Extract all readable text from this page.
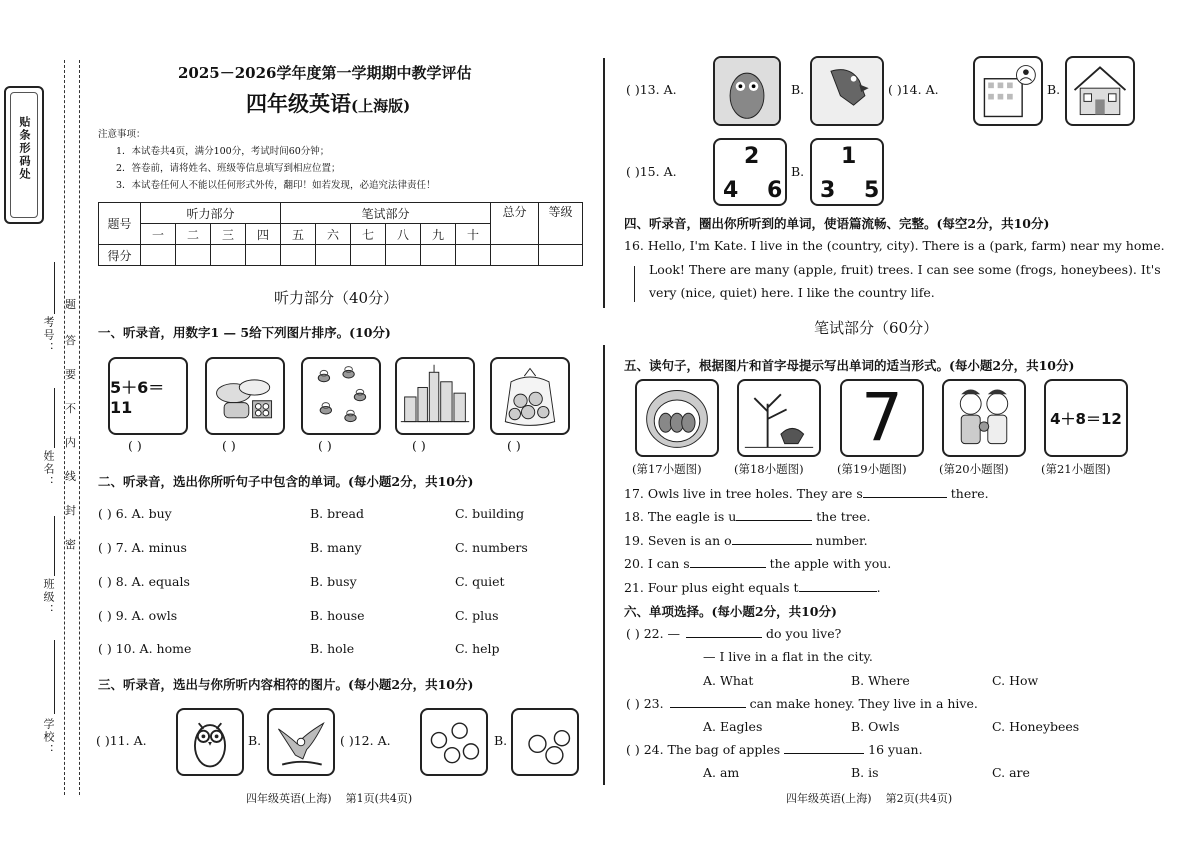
贴条形码处
考号：
姓名：
班级：
学校：
题
答
要
不
内
线
封
密
2025－2026学年度第一学期期中教学评估
四年级英语(上海版)
注意事项：
1．本试卷共4页，满分100分，考试时间60分钟；
2．答卷前，请将姓名、班级等信息填写到相应位置；
3．本试卷任何人不能以任何形式外传，翻印！如若发现，必追究法律责任！
题号	听力部分				笔试部分						总分	等级
	一	二	三	四	五	六	七	八	九	十		
得分												
听力部分（40分）
一、听录音，用数字1 — 5给下列图片排序。(10分)
5＋6＝11
( )	( )	( )	( )	( )
二、听录音，选出你所听句子中包含的单词。(每小题2分，共10分)
( ) 6. A. buy	B. bread	C. building
( ) 7. A. minus	B. many	C. numbers
( ) 8. A. equals	B. busy	C. quiet
( ) 9. A. owls	B. house	C. plus
( ) 10. A. home	B. hole	C. help
三、听录音，选出与你所听内容相符的图片。(每小题2分，共10分)
( )11. A.	B.	( )12. A.	B.
四年级英语(上海)    第1页(共4页)
( )13. A.	B.	( )14. A.	B.
( )15. A.
2
4 6
B.
1
3 5
四、听录音，圈出你所听到的单词，使语篇流畅、完整。(每空2分，共10分)
16. Hello, I'm Kate. I live in the (country, city). There is a (park, farm) near my home.
Look! There are many (apple, fruit) trees. I can see some (frogs, honeybees). It's
very (nice, quiet) here. I like the country life.
笔试部分（60分）
五、读句子，根据图片和首字母提示写出单词的适当形式。(每小题2分，共10分)
7	4＋8＝12
(第17小题图)	(第18小题图)	(第19小题图)	(第20小题图)	(第21小题图)
17. Owls live in tree holes. They are s	there.
18. The eagle is u	the tree.
19. Seven is an o	number.
20. I can s	the apple with you.
21. Four plus eight equals t	.
六、单项选择。(每小题2分，共10分)
( ) 22. —	do you live?
— I live in a flat in the city.
A. What	B. Where	C. How
( ) 23.	can make honey. They live in a hive.
A. Eagles	B. Owls	C. Honeybees
( ) 24. The bag of apples	16 yuan.
A. am	B. is	C. are
四年级英语(上海)    第2页(共4页)
